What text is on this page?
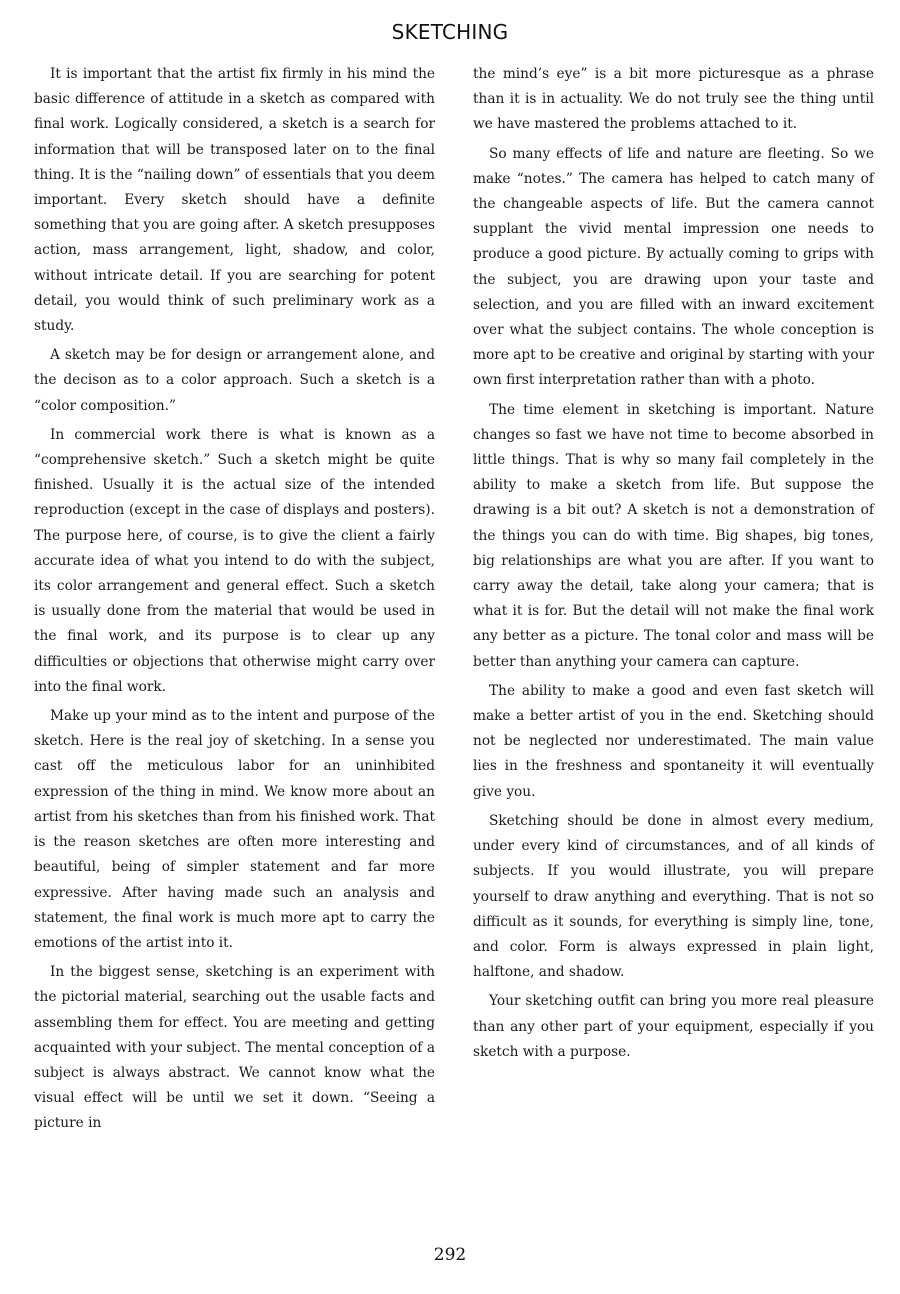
SKETCHING

It is important that the artist fix firmly in his mind the basic difference of attitude in a sketch as compared with final work. Logically considered, a sketch is a search for information that will be transposed later on to the final thing. It is the “nailing down” of essentials that you deem important. Every sketch should have a definite something that you are going after. A sketch presupposes action, mass arrangement, light, shadow, and color, without intricate detail. If you are searching for potent detail, you would think of such preliminary work as a study.

A sketch may be for design or arrangement alone, and the decison as to a color approach. Such a sketch is a “color composition.”

In commercial work there is what is known as a “comprehensive sketch.” Such a sketch might be quite finished. Usually it is the actual size of the intended reproduction (except in the case of displays and posters). The purpose here, of course, is to give the client a fairly accurate idea of what you intend to do with the subject, its color arrangement and general effect. Such a sketch is usually done from the material that would be used in the final work, and its purpose is to clear up any difficulties or objections that otherwise might carry over into the final work.

Make up your mind as to the intent and purpose of the sketch. Here is the real joy of sketching. In a sense you cast off the meticulous labor for an uninhibited expression of the thing in mind. We know more about an artist from his sketches than from his finished work. That is the reason sketches are often more interesting and beautiful, being of simpler statement and far more expressive. After having made such an analysis and statement, the final work is much more apt to carry the emotions of the artist into it.

In the biggest sense, sketching is an experiment with the pictorial material, searching out the usable facts and assembling them for effect. You are meeting and getting acquainted with your subject. The mental conception of a subject is always abstract. We cannot know what the visual effect will be until we set it down. “Seeing a picture in

the mind’s eye” is a bit more picturesque as a phrase than it is in actuality. We do not truly see the thing until we have mastered the problems attached to it.

So many effects of life and nature are fleeting. So we make “notes.” The camera has helped to catch many of the changeable aspects of life. But the camera cannot supplant the vivid mental impression one needs to produce a good picture. By actually coming to grips with the subject, you are drawing upon your taste and selection, and you are filled with an inward excitement over what the subject contains. The whole conception is more apt to be creative and original by starting with your own first interpretation rather than with a photo.

The time element in sketching is important. Nature changes so fast we have not time to become absorbed in little things. That is why so many fail completely in the ability to make a sketch from life. But suppose the drawing is a bit out? A sketch is not a demonstration of the things you can do with time. Big shapes, big tones, big relationships are what you are after. If you want to carry away the detail, take along your camera; that is what it is for. But the detail will not make the final work any better as a picture. The tonal color and mass will be better than anything your camera can capture.

The ability to make a good and even fast sketch will make a better artist of you in the end. Sketching should not be neglected nor underestimated. The main value lies in the freshness and spontaneity it will eventually give you.

Sketching should be done in almost every medium, under every kind of circumstances, and of all kinds of subjects. If you would illustrate, you will prepare yourself to draw anything and everything. That is not so difficult as it sounds, for everything is simply line, tone, and color. Form is always expressed in plain light, halftone, and shadow.

Your sketching outfit can bring you more real pleasure than any other part of your equipment, especially if you sketch with a purpose.

292
